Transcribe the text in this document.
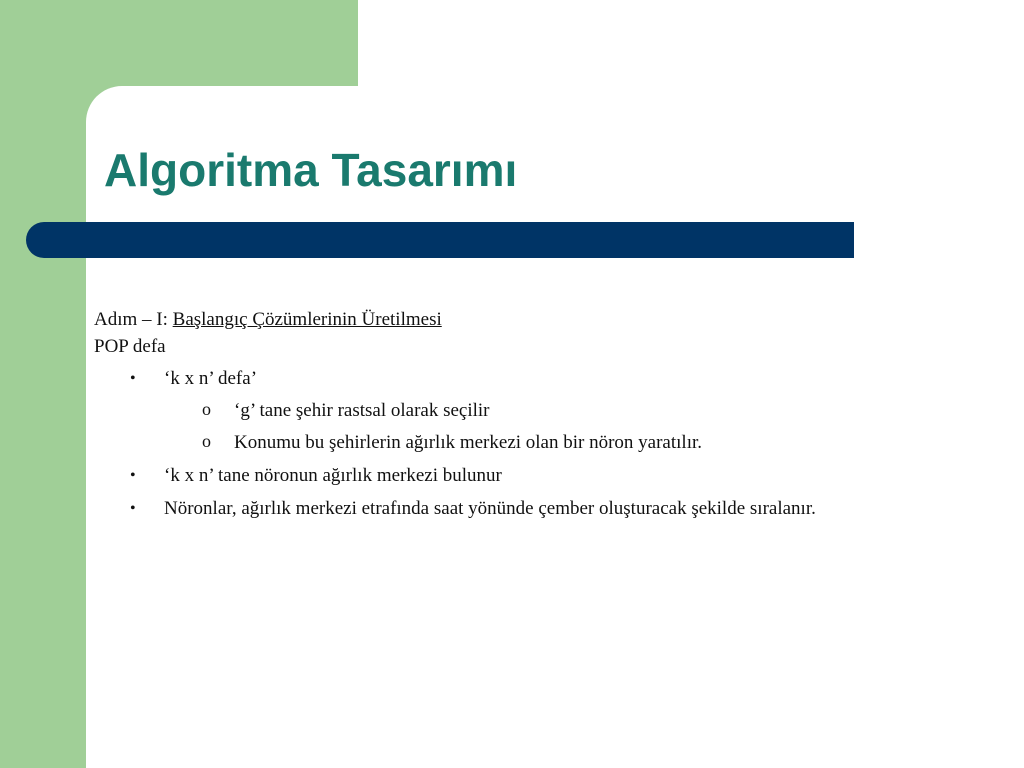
Algoritma Tasarımı
Adım – I: Başlangıç Çözümlerinin Üretilmesi
POP defa
• ‘k x n’ defa’
o ‘g’ tane şehir rastsal olarak seçilir
o Konumu bu şehirlerin ağırlık merkezi olan bir nöron yaratılır.
• ‘k x n’ tane nöronun ağırlık merkezi bulunur
• Nöronlar, ağırlık merkezi etrafında saat yönünde çember oluşturacak şekilde sıralanır.
